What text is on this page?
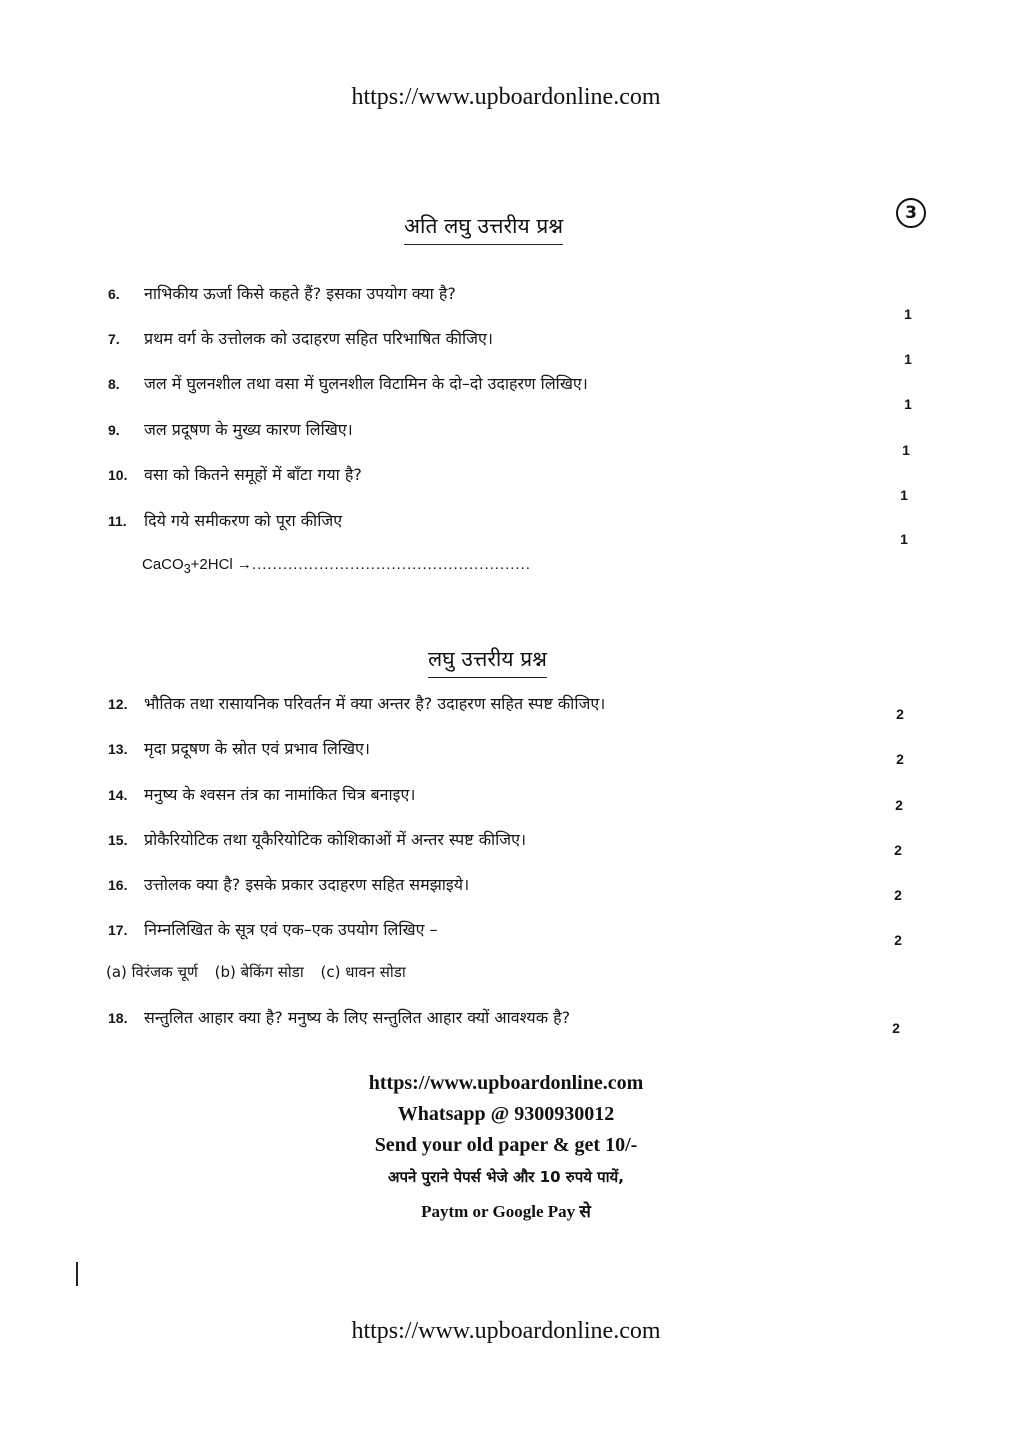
https://www.upboardonline.com
3
अति लघु उत्तरीय प्रश्न
6.	नाभिकीय ऊर्जा किसे कहते हैं? इसका उपयोग क्या है?
1
7.	प्रथम वर्ग के उत्तोलक को उदाहरण सहित परिभाषित कीजिए।
1
8.	जल में घुलनशील तथा वसा में घुलनशील विटामिन के दो–दो उदाहरण लिखिए।
1
9.	जल प्रदूषण के मुख्य कारण लिखिए।
1
10.	वसा को कितने समूहों में बाँटा गया है?
1
11.	दिये गये समीकरण को पूरा कीजिए
1
CaCO$_3$+2HCl →......................................................
लघु उत्तरीय प्रश्न
12.	भौतिक तथा रासायनिक परिवर्तन में क्या अन्तर है? उदाहरण सहित स्पष्ट कीजिए।
2
13.	मृदा प्रदूषण के स्रोत एवं प्रभाव लिखिए।
2
14.	मनुष्य के श्वसन तंत्र का नामांकित चित्र बनाइए।
2
15.	प्रोकैरियोटिक तथा यूकैरियोटिक कोशिकाओं में अन्तर स्पष्ट कीजिए।
2
16.	उत्तोलक क्या है? इसके प्रकार उदाहरण सहित समझाइये।
2
17.	निम्नलिखित के सूत्र एवं एक–एक उपयोग लिखिए –
2
(a) विरंजक चूर्ण (b) बेकिंग सोडा (c) धावन सोडा
18.	सन्तुलित आहार क्या है? मनुष्य के लिए सन्तुलित आहार क्यों आवश्यक है?
2
https://www.upboardonline.com
Whatsapp @ 9300930012
Send your old paper & get 10/-
अपने पुराने पेपर्स भेजे और 10 रुपये पायें,
Paytm or Google Pay से
https://www.upboardonline.com
